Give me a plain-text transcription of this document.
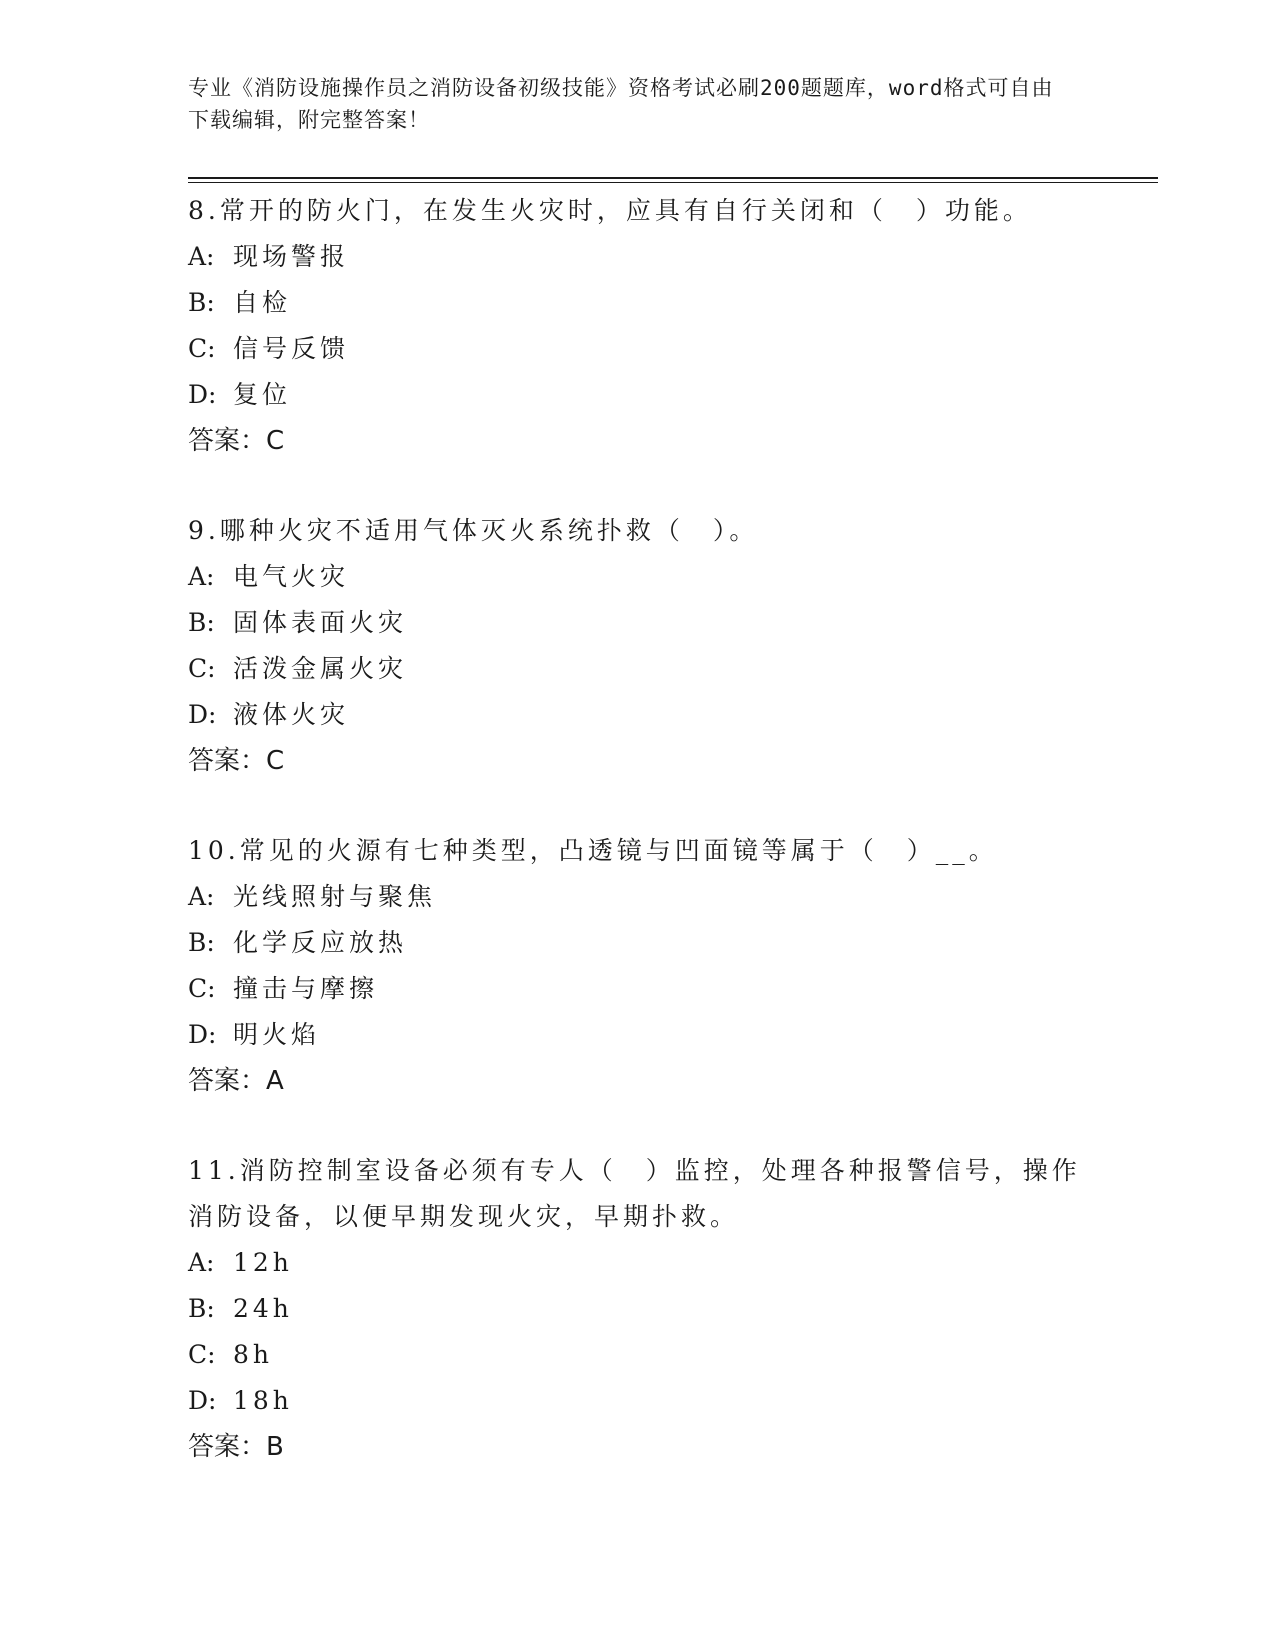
专业《消防设施操作员之消防设备初级技能》资格考试必刷200题题库，word格式可自由下载编辑，附完整答案！
8.常开的防火门，在发生火灾时，应具有自行关闭和（　）功能。
A: 现场警报
B: 自检
C: 信号反馈
D: 复位
答案：C
9.哪种火灾不适用气体灭火系统扑救（　）。
A: 电气火灾
B: 固体表面火灾
C: 活泼金属火灾
D: 液体火灾
答案：C
10.常见的火源有七种类型，凸透镜与凹面镜等属于（　）__。
A: 光线照射与聚焦
B: 化学反应放热
C: 撞击与摩擦
D: 明火焰
答案：A
11.消防控制室设备必须有专人（　）监控，处理各种报警信号，操作消防设备，以便早期发现火灾，早期扑救。
A: 12h
B: 24h
C: 8h
D: 18h
答案：B
